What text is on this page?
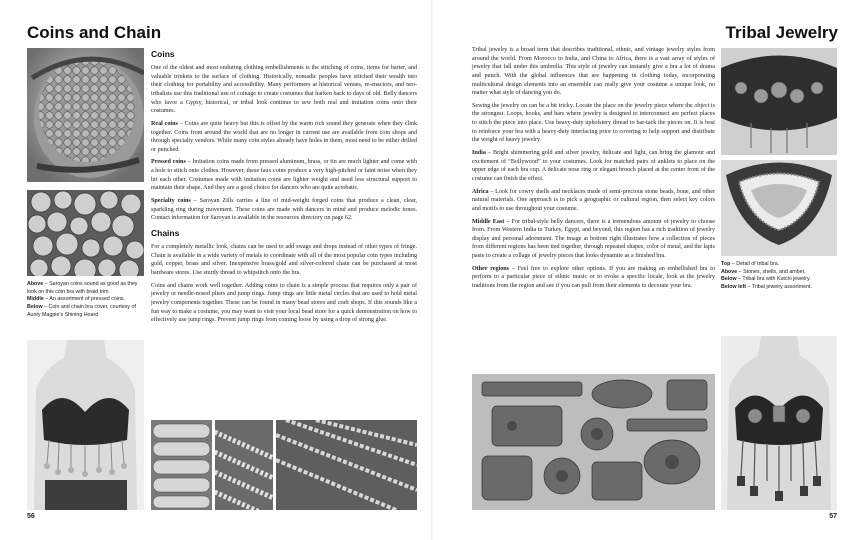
Coins and Chain
Above – Saroyan coins sound as good as they look on this coin bra with braid trim.
Middle – An assortment of pressed coins.
Below – Coin and chain bra cover, courtesy of Aunty Magpie’s Shining Hoard
Coins

One of the oldest and most enduring clothing embellishments is the stitching of coins, items for barter, and valuable trinkets to the surface of clothing. Historically, nomadic peoples have stitched their wealth into their clothing for portability and accessibility. Many performers at historical venues, re-enactors, and neo-tribalists use this traditional use of coinage to create costumes that harken back to days of old. Belly dancers who favor a Gypsy, historical, or tribal look continue to sew both real and imitation coins onto their costumes.

Real coins – Coins are quite heavy but this is offset by the warm rich sound they generate when they clink together. Coins from around the world that are no longer in current use are available from coin shops and through specialty vendors. While many coin styles already have holes in them, most need to be either drilled or punched.

Pressed coins – Imitation coins made from pressed aluminum, brass, or tin are much lighter and come with a hole to stitch onto clothes. However, these faux coins produce a very high-pitched or faint noise when they hit each other. Costumes made with imitation coins are lighter weight and need less structural support to maintain their shape. And they are a good choice for dancers who are quite acrobatic.

Specialty coins – Saroyan Zills carries a line of mid-weight forged coins that produce a clean, clear, sparkling ring during movement. These coins are made with dancers in mind and produce melodic tones. Contact information for Saroyan is available in the resources directory on page 62.

Chains

For a completely metallic look, chains can be used to add swags and drops instead of other types of fringe. Chain is available in a wide variety of metals to coordinate with all of the most popular coin types including gold, copper, brass and silver. Inexpensive brass/gold and silver-colored chain can be purchased at most hardware stores. Use sturdy thread to whipstitch onto the bra.

Coins and chains work well together. Adding coins to chain is a simple process that requires only a pair of jewelry or needle-nosed pliers and jump rings. Jump rings are little metal circles that are used to hold metal jewelry components together. These can be found in many bead stores and craft shops. If this sounds like a fun way to make a costume, you may want to visit your local bead store for a quick demonstration on how to effectively use jump rings. Prevent jump rings from coming loose by using a drop of strong glue.

56
Tribal Jewelry

Tribal jewelry is a broad term that describes traditional, ethnic, and vintage jewelry styles from around the world. From Morocco to India, and China to Africa, there is a vast array of styles of jewelry that fall under this umbrella. This style of jewelry can instantly give a bra a lot of drama and punch. With the global influences that are happening in clothing today, incorporating multicultural design elements into an ensemble can really give your costume a unique look, no matter what style of dancing you do.

Sewing the jewelry on can be a bit tricky. Locate the place on the jewelry piece where the object is the strongest. Loops, hooks, and bars where jewelry is designed to interconnect are perfect places to stitch the piece into place. Use heavy-duty upholstery thread to bar-tack the pieces on. It is best to reinforce your bra with a heavy-duty interfacing prior to covering to help support and distribute the weight of heavy jewelry.

India – Bright shimmering gold and silver jewelry, delicate and light, can bring the glamour and excitement of “Bollywood” to your costumes. Look for matched pairs of anklets to place on the upper edge of each bra cup. A delicate nose ring or elegant brooch placed at the center front of the costume can finish the effect.

Africa – Look for cowry shells and necklaces made of semi-precious stone beads, bone, and other natural materials. One approach is to pick a geographic or cultural region, then select key colors and motifs to use throughout your costume.

Middle East – For tribal-style belly dancers, there is a tremendous amount of jewelry to choose from. From Western India to Turkey, Egypt, and beyond, this region has a rich tradition of jewelry display and personal adornment. The image at bottom right illustrates how a collection of pieces from different regions has been tied together, through repeated shapes, color of metal, and the lapis paste to create a collage of jewelry pieces that looks dynamite as a finished bra.

Other regions – Feel free to explore other options. If you are making an embellished bra to perform to a particular piece of ethnic music or to evoke a specific locale, look at the jewelry traditions from the region and see if you can pull from their elements to decorate your bra.

Top – Detail of tribal bra.
Above – Stones, shells, and amber.
Below – Tribal bra with Kutchi jewelry.
Below left – Tribal jewelry assortment.
57
